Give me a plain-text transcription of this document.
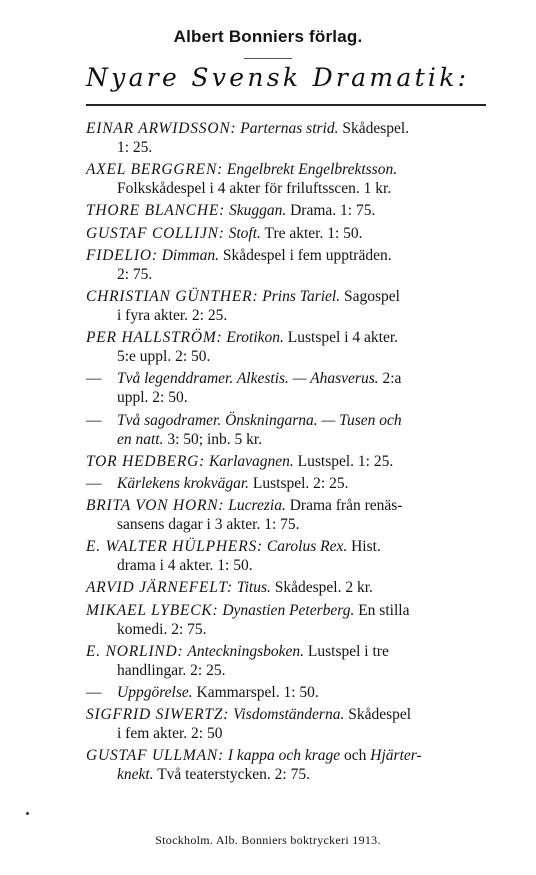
Albert Bonniers förlag.
Nyare Svensk Dramatik:
EINAR ARWIDSSON: Parternas strid. Skådespel.
1: 25.
AXEL BERGGREN: Engelbrekt Engelbrektsson.
Folkskådespel i 4 akter för friluftsscen. 1 kr.
THORE BLANCHE: Skuggan. Drama. 1: 75.
GUSTAF COLLIJN: Stoft. Tre akter. 1: 50.
FIDELIO: Dimman. Skådespel i fem uppträden.
2: 75.
CHRISTIAN GÜNTHER: Prins Tariel. Sagospel
i fyra akter. 2: 25.
PER HALLSTRÖM: Erotikon. Lustspel i 4 akter.
5:e uppl. 2: 50.
— Två legenddramer. Alkestis. — Ahasverus. 2:a
uppl. 2: 50.
— Två sagodramer. Önskningarna. — Tusen och
en natt. 3: 50; inb. 5 kr.
TOR HEDBERG: Karlavagnen. Lustspel. 1: 25.
— Kärlekens krokvägar. Lustspel. 2: 25.
BRITA VON HORN: Lucrezia. Drama från renäs-
sansens dagar i 3 akter. 1: 75.
E. WALTER HÜLPHERS: Carolus Rex. Hist.
drama i 4 akter. 1: 50.
ARVID JÄRNEFELT: Titus. Skådespel. 2 kr.
MIKAEL LYBECK: Dynastien Peterberg. En stilla
komedi. 2: 75.
E. NORLIND: Anteckningsboken. Lustspel i tre
handlingar. 2: 25.
— Uppgörelse. Kammarspel. 1: 50.
SIGFRID SIWERTZ: Visdomständerna. Skådespel
i fem akter. 2: 50
GUSTAF ULLMAN: I kappa och krage och Hjärter-
knekt. Två teaterstycken. 2: 75.
Stockholm. Alb. Bonniers boktryckeri 1913.
